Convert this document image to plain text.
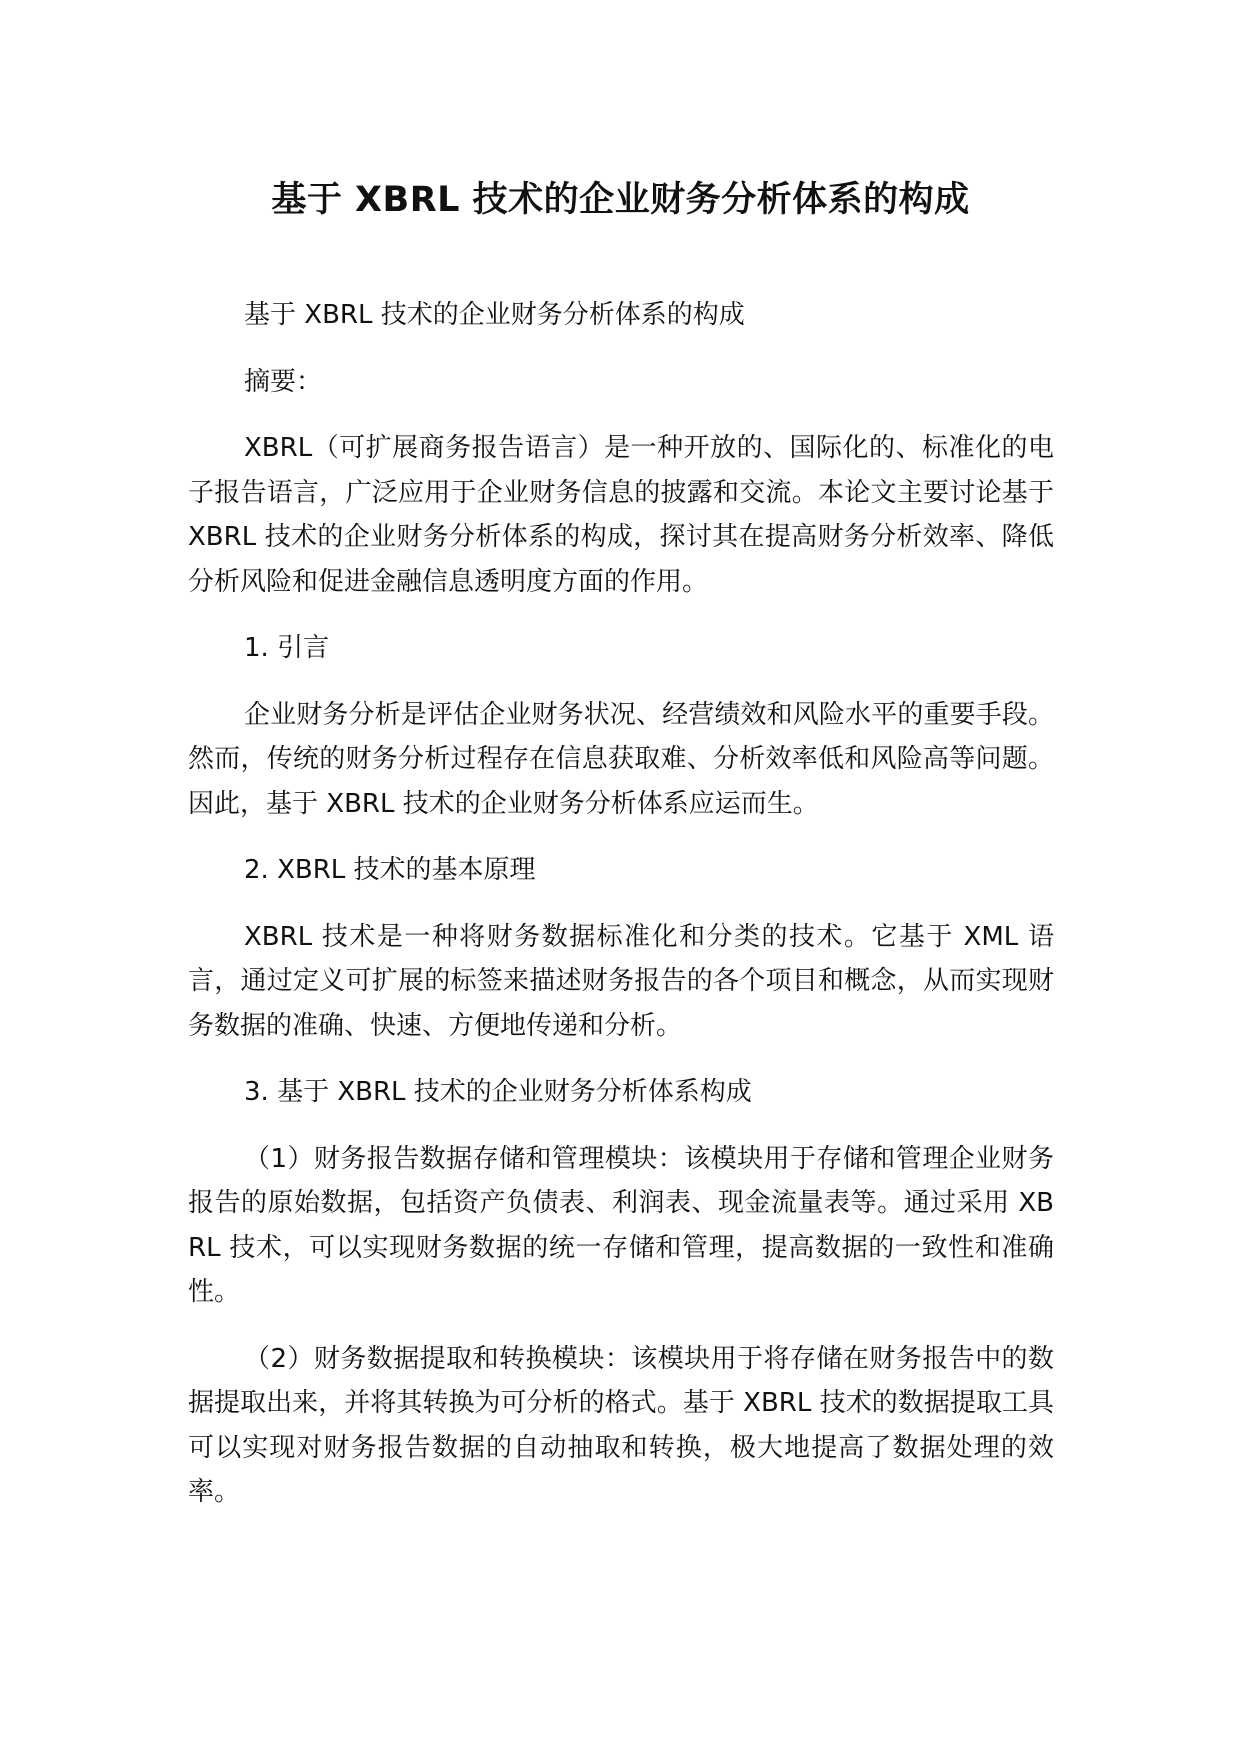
基于 XBRL 技术的企业财务分析体系的构成

基于 XBRL 技术的企业财务分析体系的构成

摘要：

XBRL（可扩展商务报告语言）是一种开放的、国际化的、标准化的电子报告语言，广泛应用于企业财务信息的披露和交流。本论文主要讨论基于 XBRL 技术的企业财务分析体系的构成，探讨其在提高财务分析效率、降低分析风险和促进金融信息透明度方面的作用。

1. 引言

企业财务分析是评估企业财务状况、经营绩效和风险水平的重要手段。然而，传统的财务分析过程存在信息获取难、分析效率低和风险高等问题。因此，基于 XBRL 技术的企业财务分析体系应运而生。

2. XBRL 技术的基本原理

XBRL 技术是一种将财务数据标准化和分类的技术。它基于 XML 语言，通过定义可扩展的标签来描述财务报告的各个项目和概念，从而实现财务数据的准确、快速、方便地传递和分析。

3. 基于 XBRL 技术的企业财务分析体系构成

（1）财务报告数据存储和管理模块：该模块用于存储和管理企业财务报告的原始数据，包括资产负债表、利润表、现金流量表等。通过采用 XBRL 技术，可以实现财务数据的统一存储和管理，提高数据的一致性和准确性。

（2）财务数据提取和转换模块：该模块用于将存储在财务报告中的数据提取出来，并将其转换为可分析的格式。基于 XBRL 技术的数据提取工具可以实现对财务报告数据的自动抽取和转换，极大地提高了数据处理的效率。
